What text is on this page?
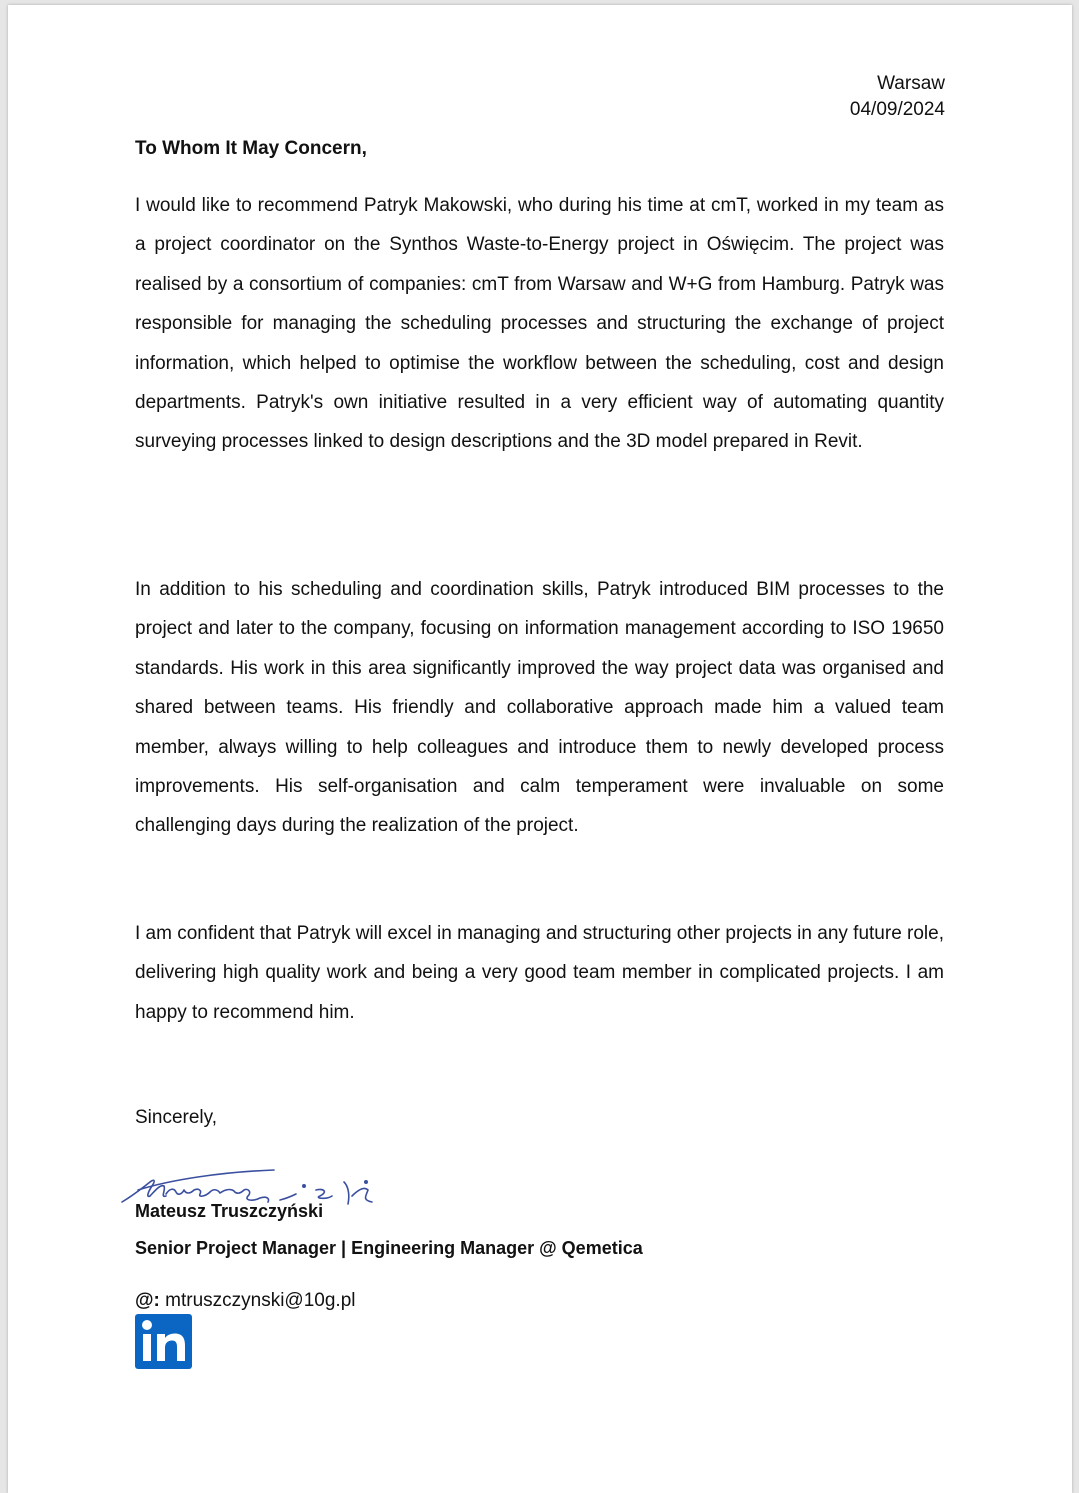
Warsaw
04/09/2024
To Whom It May Concern,

I would like to recommend Patryk Makowski, who during his time at cmT, worked in my team as a project coordinator on the Synthos Waste-to-Energy project in Oświęcim. The project was realised by a consortium of companies: cmT from Warsaw and W+G from Hamburg. Patryk was responsible for managing the scheduling processes and structuring the exchange of project information, which helped to optimise the workflow between the scheduling, cost and design departments. Patryk's own initiative resulted in a very efficient way of automating quantity surveying processes linked to design descriptions and the 3D model prepared in Revit.

In addition to his scheduling and coordination skills, Patryk introduced BIM processes to the project and later to the company, focusing on information management according to ISO 19650 standards. His work in this area significantly improved the way project data was organised and shared between teams. His friendly and collaborative approach made him a valued team member, always willing to help colleagues and introduce them to newly developed process improvements. His self-organisation and calm temperament were invaluable on some challenging days during the realization of the project.

I am confident that Patryk will excel in managing and structuring other projects in any future role, delivering high quality work and being a very good team member in complicated projects. I am happy to recommend him.

Sincerely,
Mateusz Truszczyński
Senior Project Manager | Engineering Manager @ Qemetica
@: mtruszczynski@10g.pl
